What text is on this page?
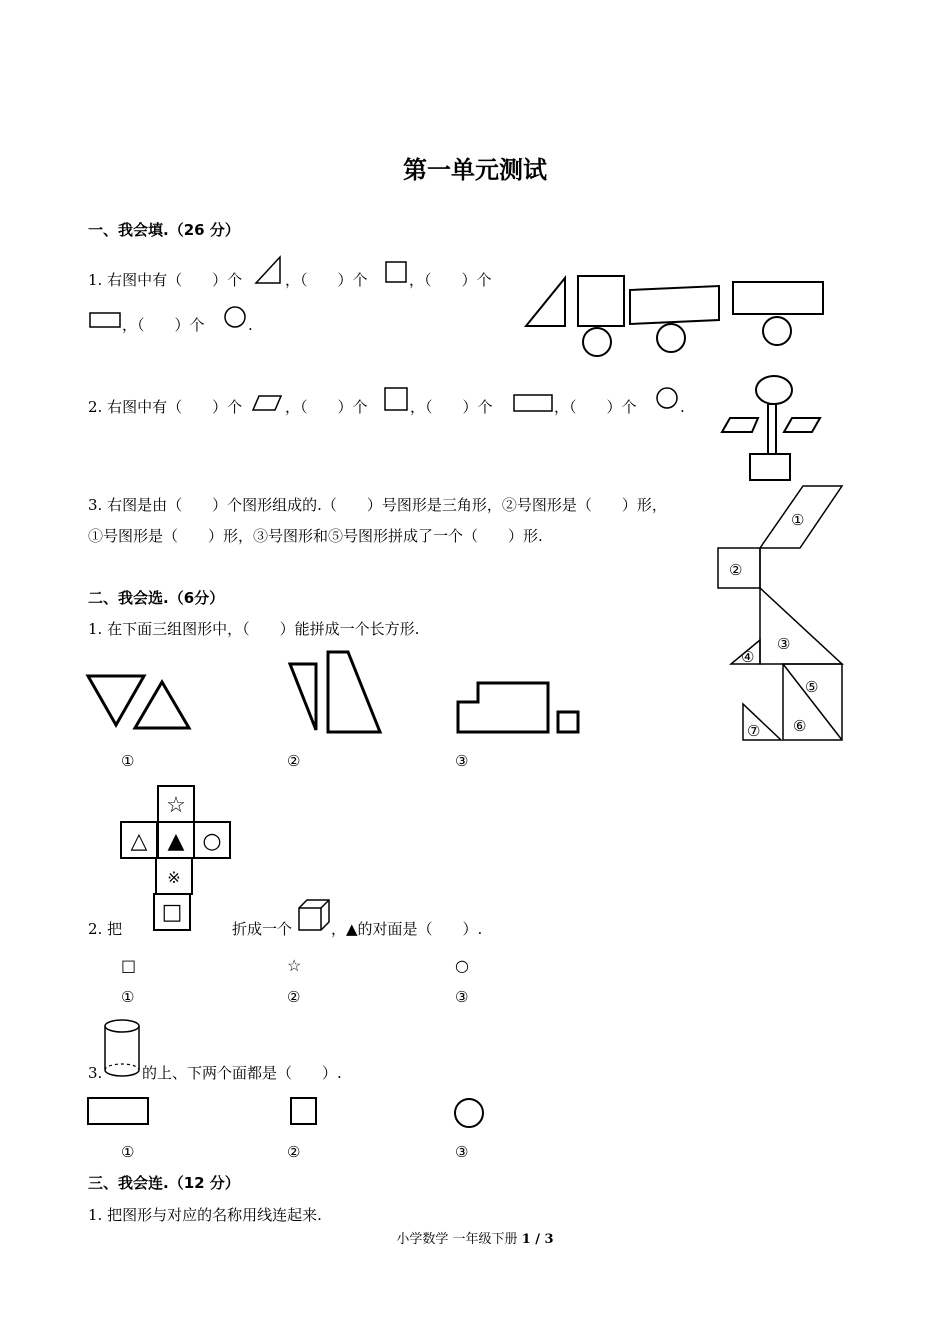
第一单元测试
一、我会填.（26 分）
1. 右图中有（　　）个	，（　　）个	，（　　）个
，（　　）个	.
2. 右图中有（　　）个	，（　　）个	，（　　）个	，（　　）个	.
3. 右图是由（　　）个图形组成的.（　　）号图形是三角形，②号图形是（　　）形，
①号图形是（　　）形，③号图形和⑤号图形拼成了一个（　　）形.
①
②
③
④
⑤
⑥
⑦
二、我会选.（6分）
1. 在下面三组图形中，（　　）能拼成一个长方形.
①	②	③
☆
△ ▲ ○
※
□
2. 把	折成一个	，▲的对面是（　　）.
□	☆	○
①	②	③
3.	的上、下两个面都是（　　）.
①	②	③
三、我会连.（12 分）
1. 把图形与对应的名称用线连起来.
小学数学 一年级下册 1 / 3
